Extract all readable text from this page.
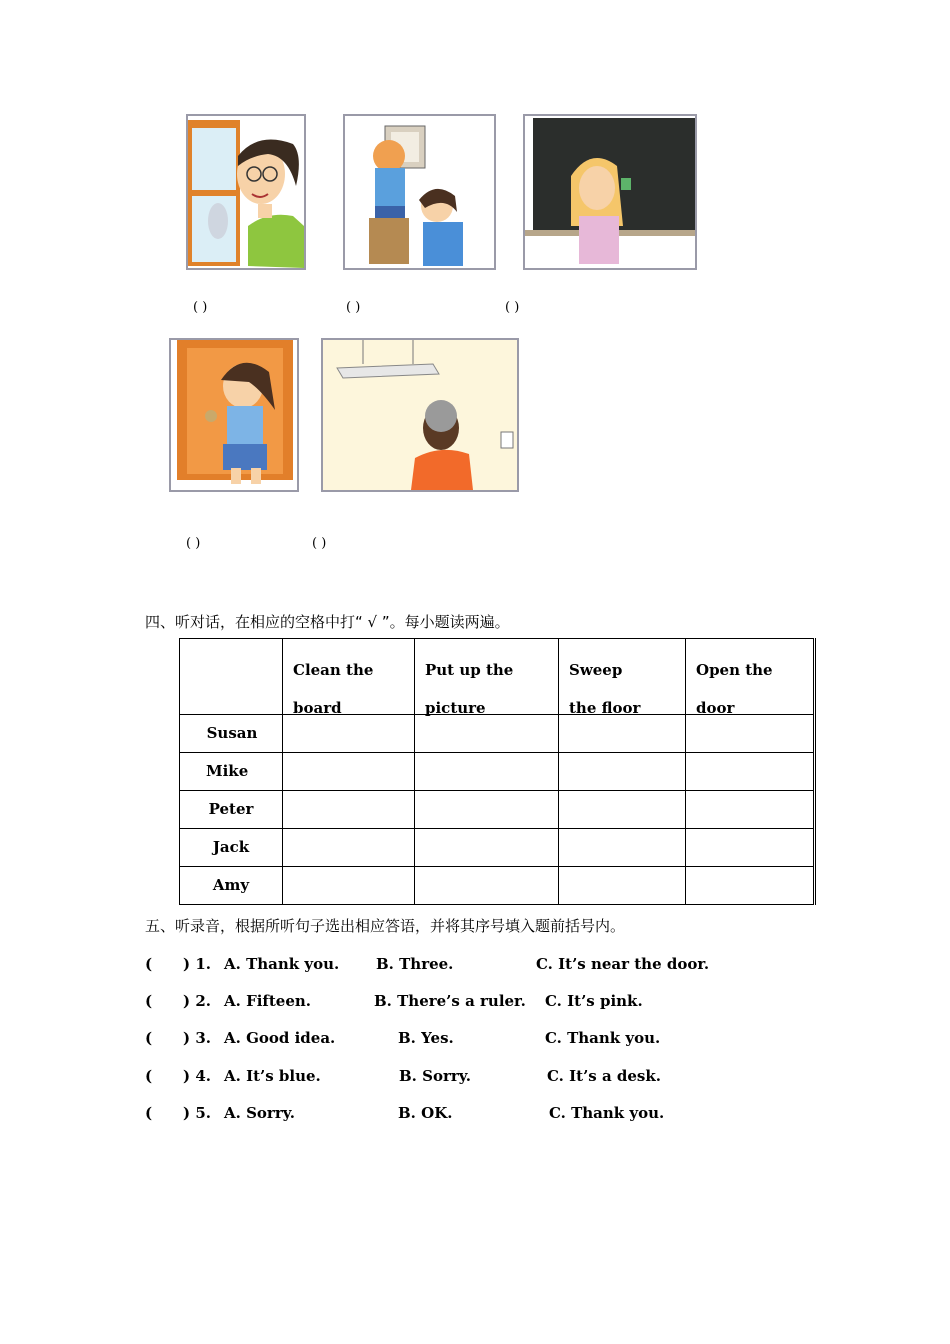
( )	( )	( )
( )	( )
四、听对话，在相应的空格中打“ √ ”。每小题读两遍。

	Clean the board	Put up the picture	Sweep the floor	Open the door

Susan				
Mike				
Peter				
Jack				
Amy				
五、听录音，根据所听句子选出相应答语，并将其序号填入题前括号内。
( ) 1. A. Thank you. B. Three.	C. It’s near the door.
( ) 2. A. Fifteen.	B. There’s a ruler. C. It’s pink.
( ) 3. A. Good idea.	B. Yes.	C. Thank you.
( ) 4. A. It’s blue.	B. Sorry.	C. It’s a desk.
( ) 5. A. Sorry.	B. OK.	C. Thank you.
